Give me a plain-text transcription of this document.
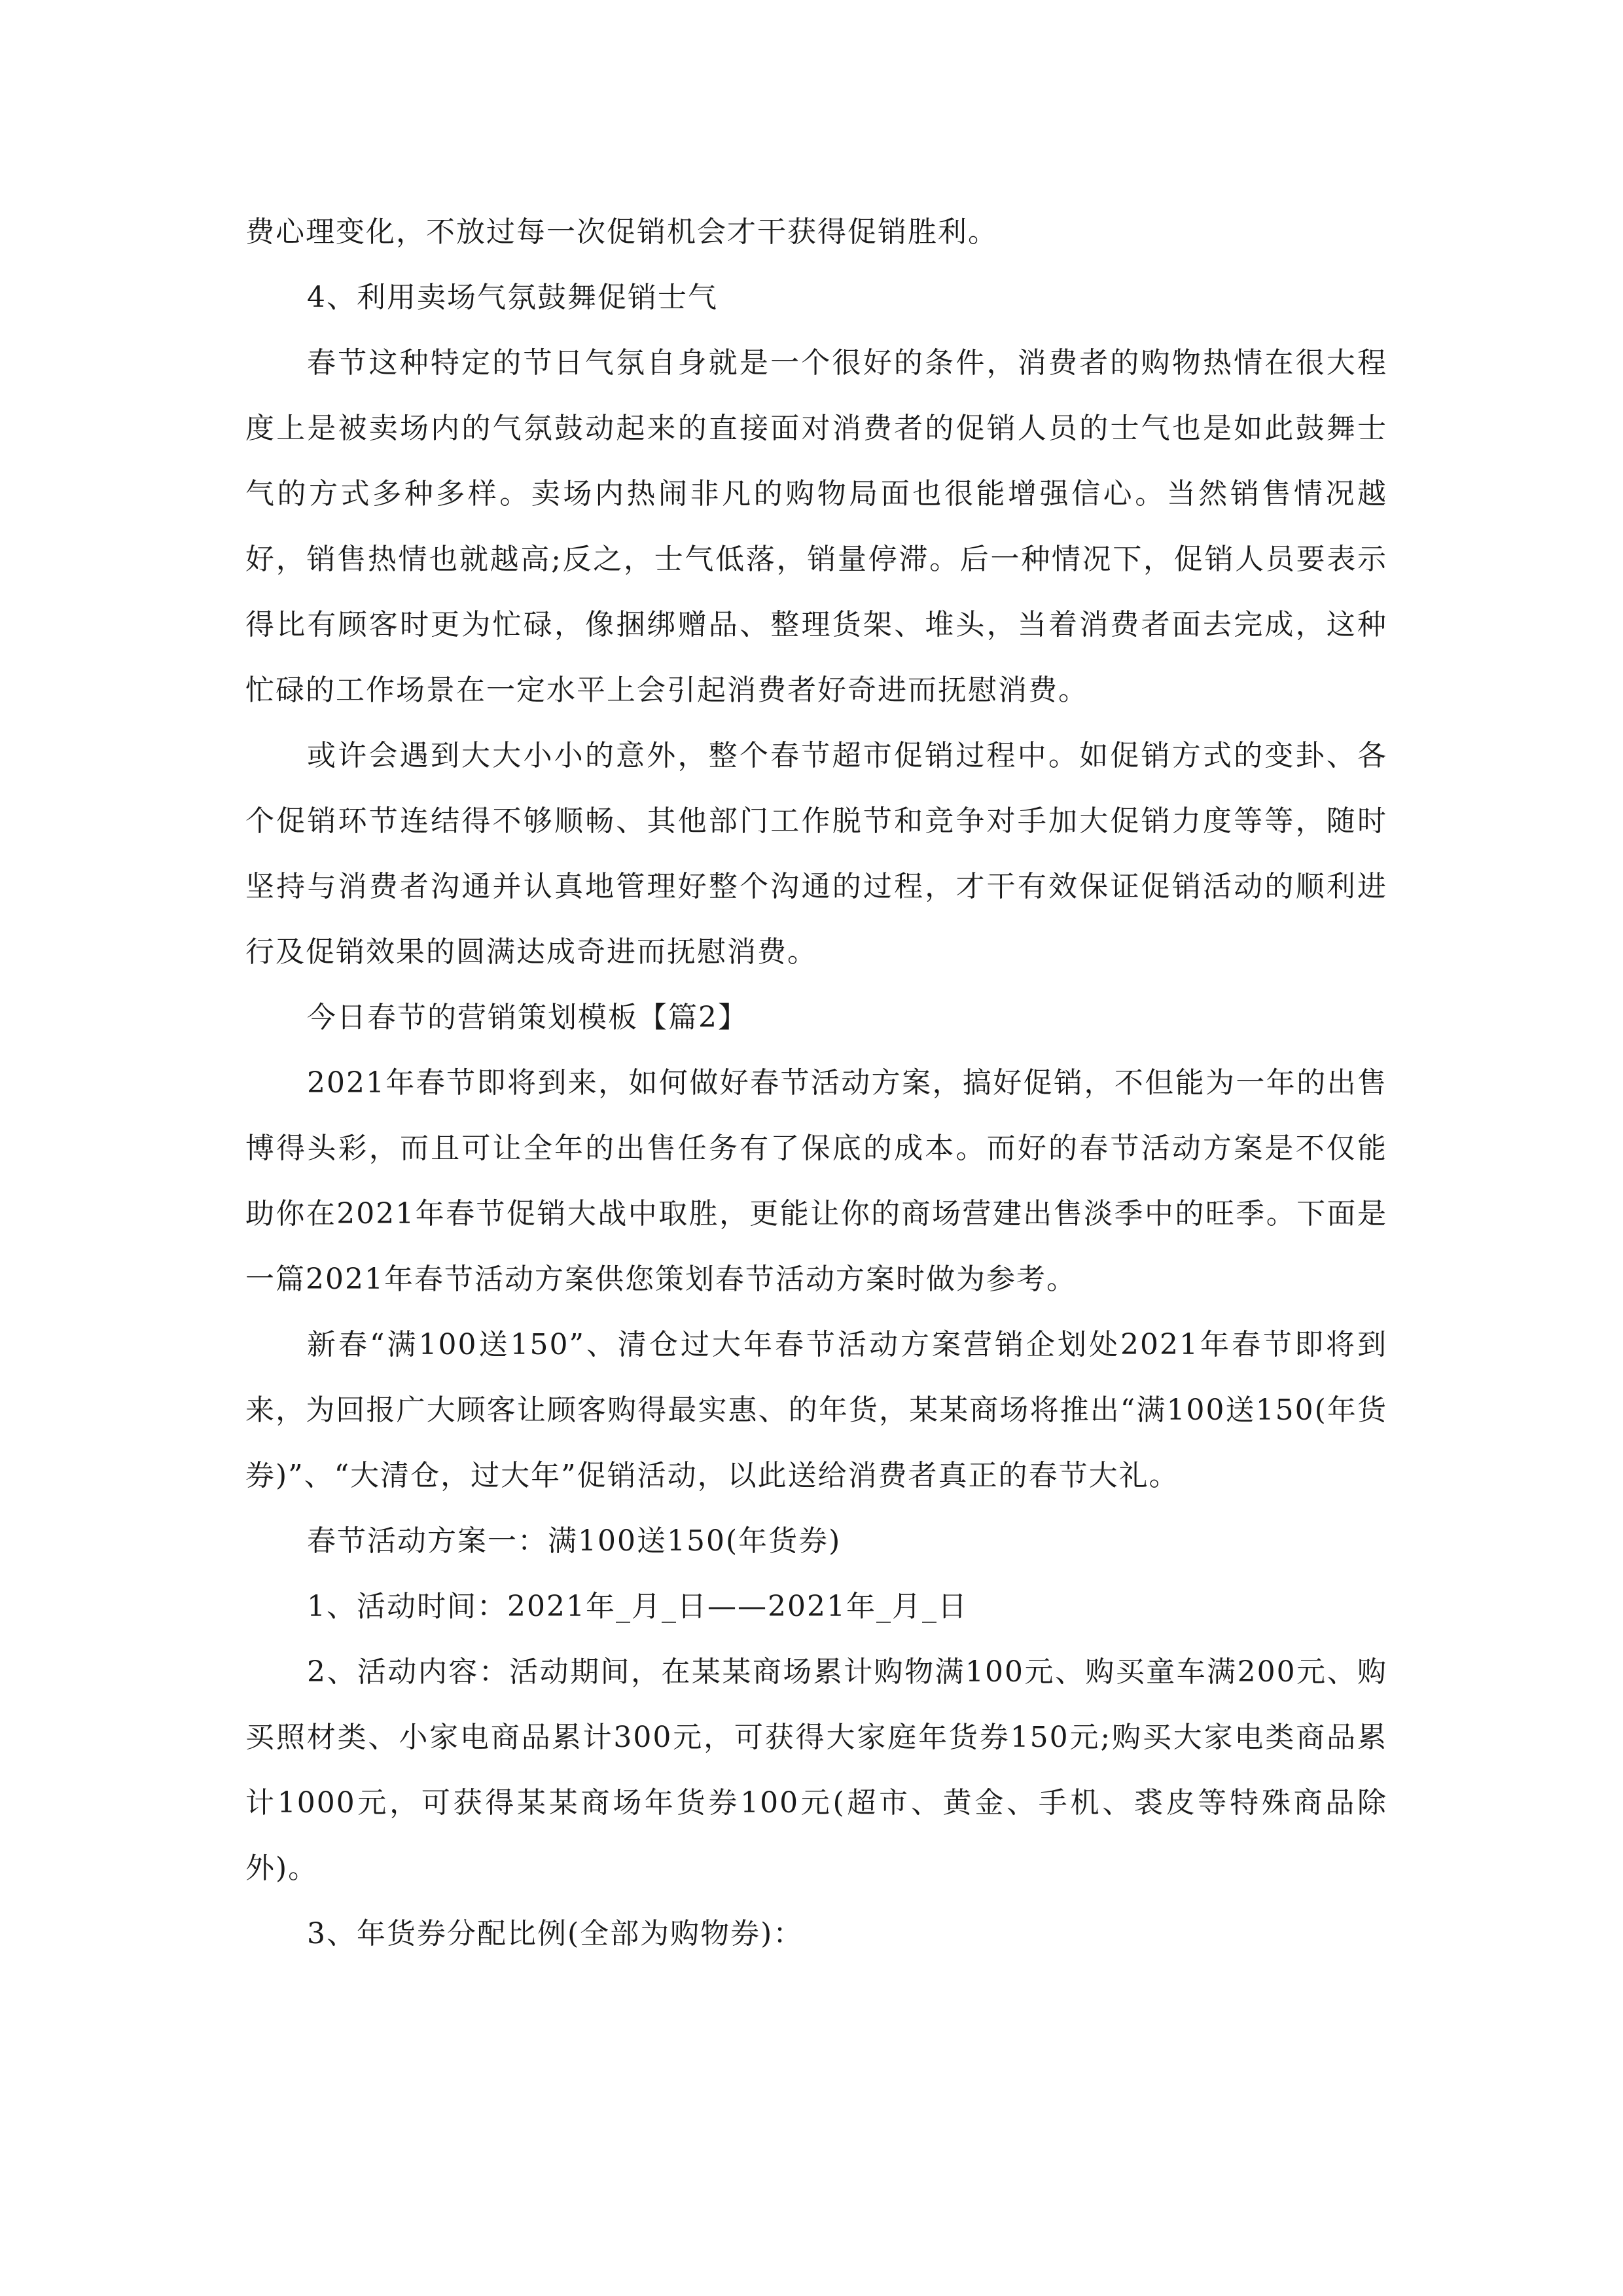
费心理变化，不放过每一次促销机会才干获得促销胜利。

4、利用卖场气氛鼓舞促销士气

春节这种特定的节日气氛自身就是一个很好的条件，消费者的购物热情在很大程度上是被卖场内的气氛鼓动起来的直接面对消费者的促销人员的士气也是如此鼓舞士气的方式多种多样。卖场内热闹非凡的购物局面也很能增强信心。当然销售情况越好，销售热情也就越高;反之，士气低落，销量停滞。后一种情况下，促销人员要表示得比有顾客时更为忙碌，像捆绑赠品、整理货架、堆头，当着消费者面去完成，这种忙碌的工作场景在一定水平上会引起消费者好奇进而抚慰消费。

或许会遇到大大小小的意外，整个春节超市促销过程中。如促销方式的变卦、各个促销环节连结得不够顺畅、其他部门工作脱节和竞争对手加大促销力度等等，随时坚持与消费者沟通并认真地管理好整个沟通的过程，才干有效保证促销活动的顺利进行及促销效果的圆满达成奇进而抚慰消费。

今日春节的营销策划模板【篇2】

2021年春节即将到来，如何做好春节活动方案，搞好促销，不但能为一年的出售博得头彩，而且可让全年的出售任务有了保底的成本。而好的春节活动方案是不仅能助你在2021年春节促销大战中取胜，更能让你的商场营建出售淡季中的旺季。下面是一篇2021年春节活动方案供您策划春节活动方案时做为参考。

新春“满100送150”、清仓过大年春节活动方案营销企划处2021年春节即将到来，为回报广大顾客让顾客购得最实惠、的年货，某某商场将推出“满100送150(年货券)”、“大清仓，过大年”促销活动，以此送给消费者真正的春节大礼。

春节活动方案一：满100送150(年货券)

1、活动时间：2021年_月_日——2021年_月_日

2、活动内容：活动期间，在某某商场累计购物满100元、购买童车满200元、购买照材类、小家电商品累计300元，可获得大家庭年货券150元;购买大家电类商品累计1000元，可获得某某商场年货券100元(超市、黄金、手机、裘皮等特殊商品除外)。

3、年货券分配比例(全部为购物券)：
